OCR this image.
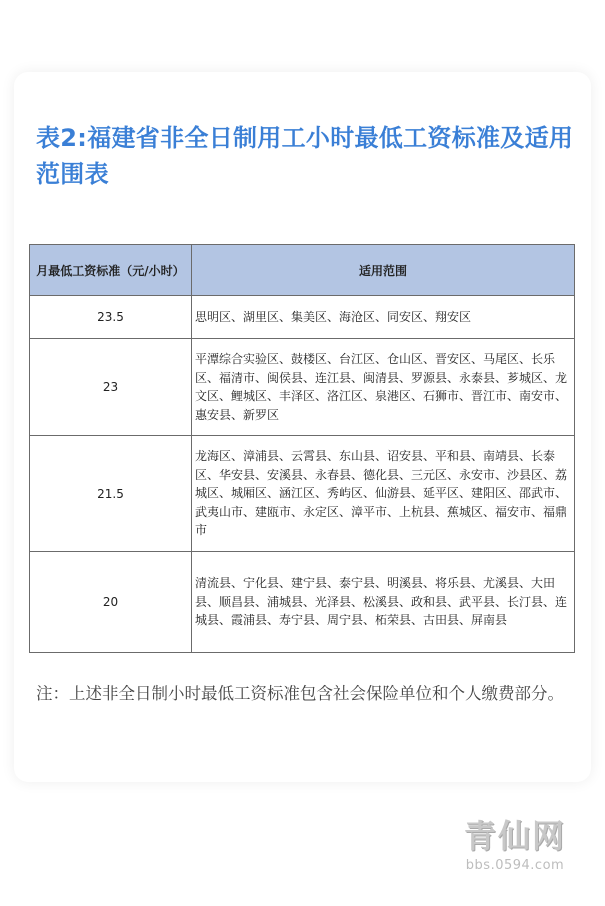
表2:福建省非全日制用工小时最低工资标准及适用范围表
月最低工资标准（元/小时）	适用范围
23.5	思明区、湖里区、集美区、海沧区、同安区、翔安区
23	平潭综合实验区、鼓楼区、台江区、仓山区、晋安区、马尾区、长乐区、福清市、闽侯县、连江县、闽清县、罗源县、永泰县、芗城区、龙文区、鲤城区、丰泽区、洛江区、泉港区、石狮市、晋江市、南安市、惠安县、新罗区
21.5	龙海区、漳浦县、云霄县、东山县、诏安县、平和县、南靖县、长泰区、华安县、安溪县、永春县、德化县、三元区、永安市、沙县区、荔城区、城厢区、涵江区、秀屿区、仙游县、延平区、建阳区、邵武市、武夷山市、建瓯市、永定区、漳平市、上杭县、蕉城区、福安市、福鼎市
20	清流县、宁化县、建宁县、泰宁县、明溪县、将乐县、尤溪县、大田县、顺昌县、浦城县、光泽县、松溪县、政和县、武平县、长汀县、连城县、霞浦县、寿宁县、周宁县、柘荣县、古田县、屏南县

注：上述非全日制小时最低工资标准包含社会保险单位和个人缴费部分。

青仙网
bbs.0594.com
